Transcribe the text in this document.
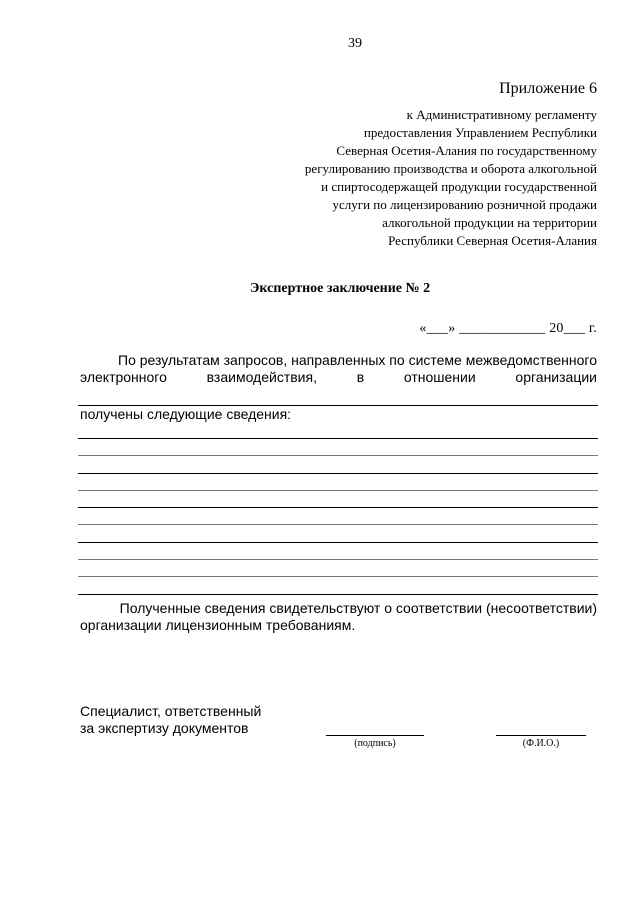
39
Приложение 6
к Административному регламенту
предоставления Управлением Республики
Северная Осетия-Алания по государственному
регулированию производства и оборота алкогольной
и спиртосодержащей продукции государственной
услуги по лицензированию розничной продажи
алкогольной продукции на территории
Республики Северная Осетия-Алания
Экспертное заключение № 2
«___» ____________ 20___ г.
По результатам запросов, направленных по системе межведомственного
электронного	взаимодействия,	в	отношении	организации
получены следующие сведения:
Полученные сведения свидетельствуют о соответствии (несоответствии)
организации лицензионным требованиям.
Специалист, ответственный
за экспертизу документов
(подпись)	(Ф.И.О.)
